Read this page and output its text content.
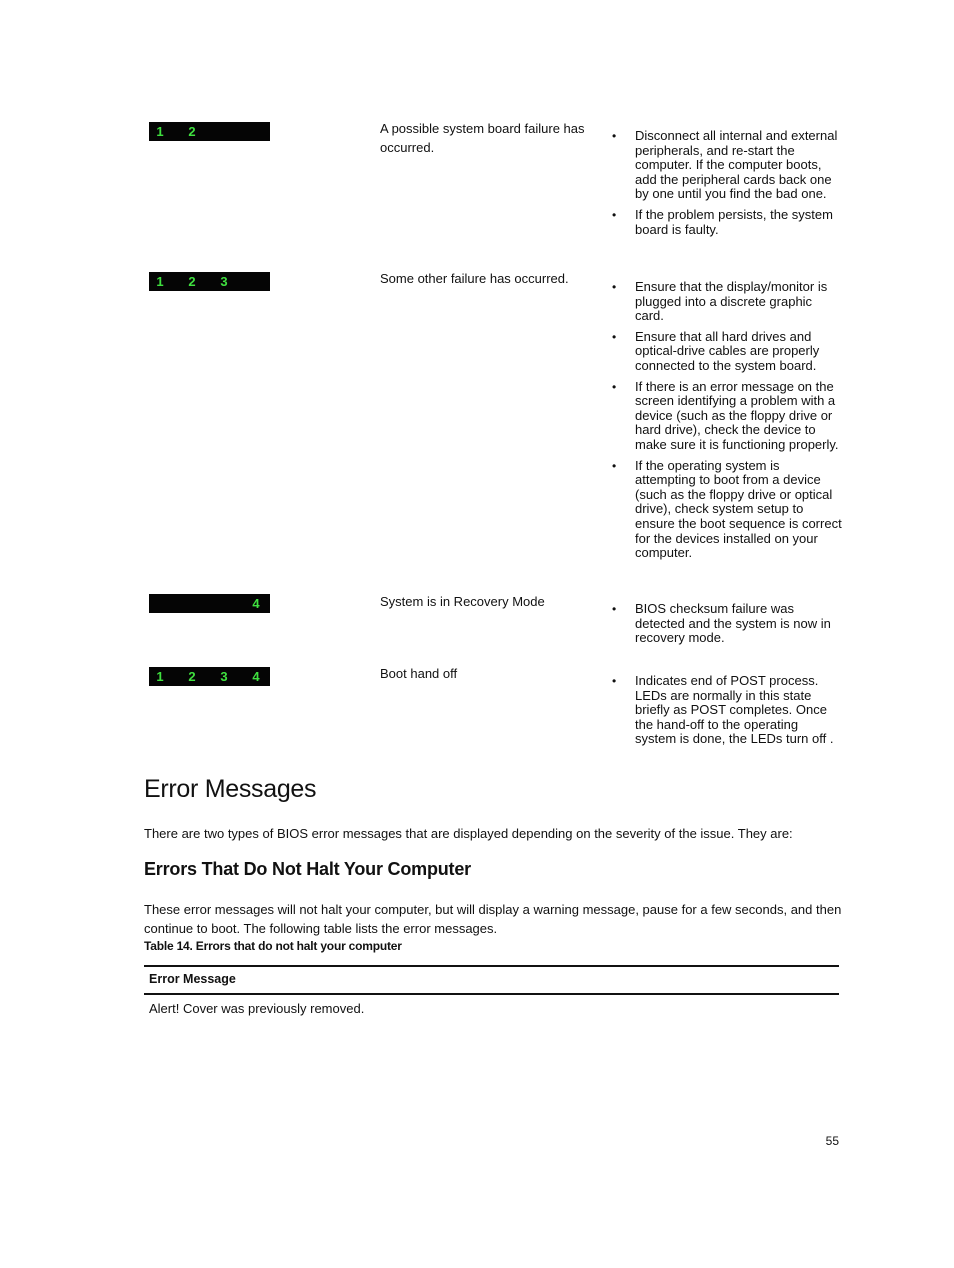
1 2	A possible system board failure has occurred.
•	Disconnect all internal and external peripherals, and re-start the computer. If the computer boots, add the peripheral cards back one by one until you find the bad one.
•	If the problem persists, the system board is faulty.
1 2 3	Some other failure has occurred.
•	Ensure that the display/monitor is plugged into a discrete graphic card.
•	Ensure that all hard drives and optical-drive cables are properly connected to the system board.
•	If there is an error message on the screen identifying a problem with a device (such as the floppy drive or hard drive), check the device to make sure it is functioning properly.
•	If the operating system is attempting to boot from a device (such as the floppy drive or optical drive), check system setup to ensure the boot sequence is correct for the devices installed on your computer.
4	System is in Recovery Mode	•	BIOS checksum failure was detected and the system is now in recovery mode.
1 2 3 4	Boot hand off	•	Indicates end of POST process. LEDs are normally in this state briefly as POST completes. Once the hand-off to the operating system is done, the LEDs turn off .
Error Messages

There are two types of BIOS error messages that are displayed depending on the severity of the issue. They are:

Errors That Do Not Halt Your Computer

These error messages will not halt your computer, but will display a warning message, pause for a few seconds, and then continue to boot. The following table lists the error messages.

Table 14. Errors that do not halt your computer
Error Message
Alert! Cover was previously removed.
55
